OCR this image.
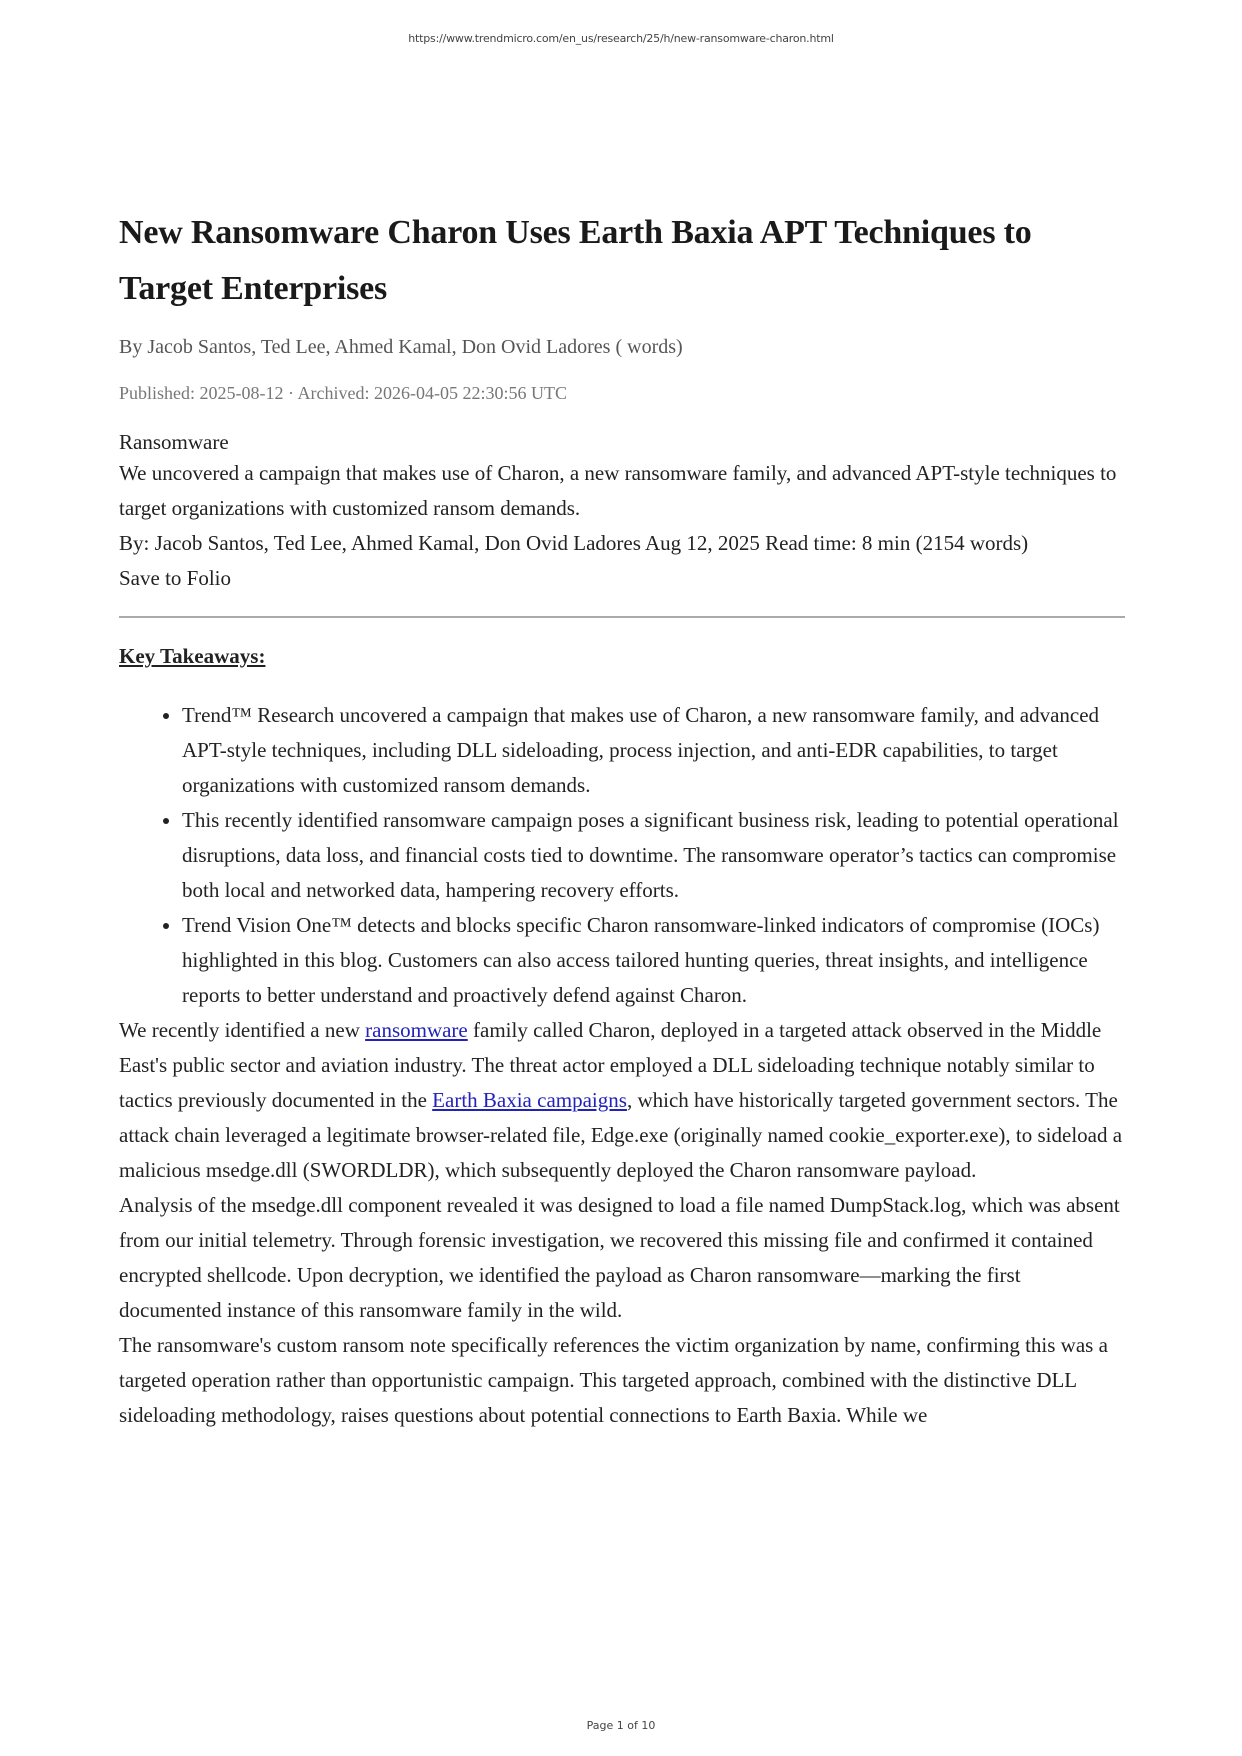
https://www.trendmicro.com/en_us/research/25/h/new-ransomware-charon.html
New Ransomware Charon Uses Earth Baxia APT Techniques to Target Enterprises
By Jacob Santos, Ted Lee, Ahmed Kamal, Don Ovid Ladores ( words)
Published: 2025-08-12 · Archived: 2026-04-05 22:30:56 UTC
Ransomware

We uncovered a campaign that makes use of Charon, a new ransomware family, and advanced APT-style techniques to target organizations with customized ransom demands.

By: Jacob Santos, Ted Lee, Ahmed Kamal, Don Ovid Ladores Aug 12, 2025 Read time: 8 min (2154 words)

Save to Folio

Key Takeaways:
• Trend™ Research uncovered a campaign that makes use of Charon, a new ransomware family, and advanced APT-style techniques, including DLL sideloading, process injection, and anti-EDR capabilities, to target organizations with customized ransom demands.
• This recently identified ransomware campaign poses a significant business risk, leading to potential operational disruptions, data loss, and financial costs tied to downtime. The ransomware operator’s tactics can compromise both local and networked data, hampering recovery efforts.
• Trend Vision One™ detects and blocks specific Charon ransomware-linked indicators of compromise (IOCs) highlighted in this blog. Customers can also access tailored hunting queries, threat insights, and intelligence reports to better understand and proactively defend against Charon.

We recently identified a new ransomware family called Charon, deployed in a targeted attack observed in the Middle East's public sector and aviation industry. The threat actor employed a DLL sideloading technique notably similar to tactics previously documented in the Earth Baxia campaigns, which have historically targeted government sectors. The attack chain leveraged a legitimate browser-related file, Edge.exe (originally named cookie_exporter.exe), to sideload a malicious msedge.dll (SWORDLDR), which subsequently deployed the Charon ransomware payload.

Analysis of the msedge.dll component revealed it was designed to load a file named DumpStack.log, which was absent from our initial telemetry. Through forensic investigation, we recovered this missing file and confirmed it contained encrypted shellcode. Upon decryption, we identified the payload as Charon ransomware—marking the first documented instance of this ransomware family in the wild.

The ransomware's custom ransom note specifically references the victim organization by name, confirming this was a targeted operation rather than opportunistic campaign. This targeted approach, combined with the distinctive DLL sideloading methodology, raises questions about potential connections to Earth Baxia. While we

Page 1 of 10
